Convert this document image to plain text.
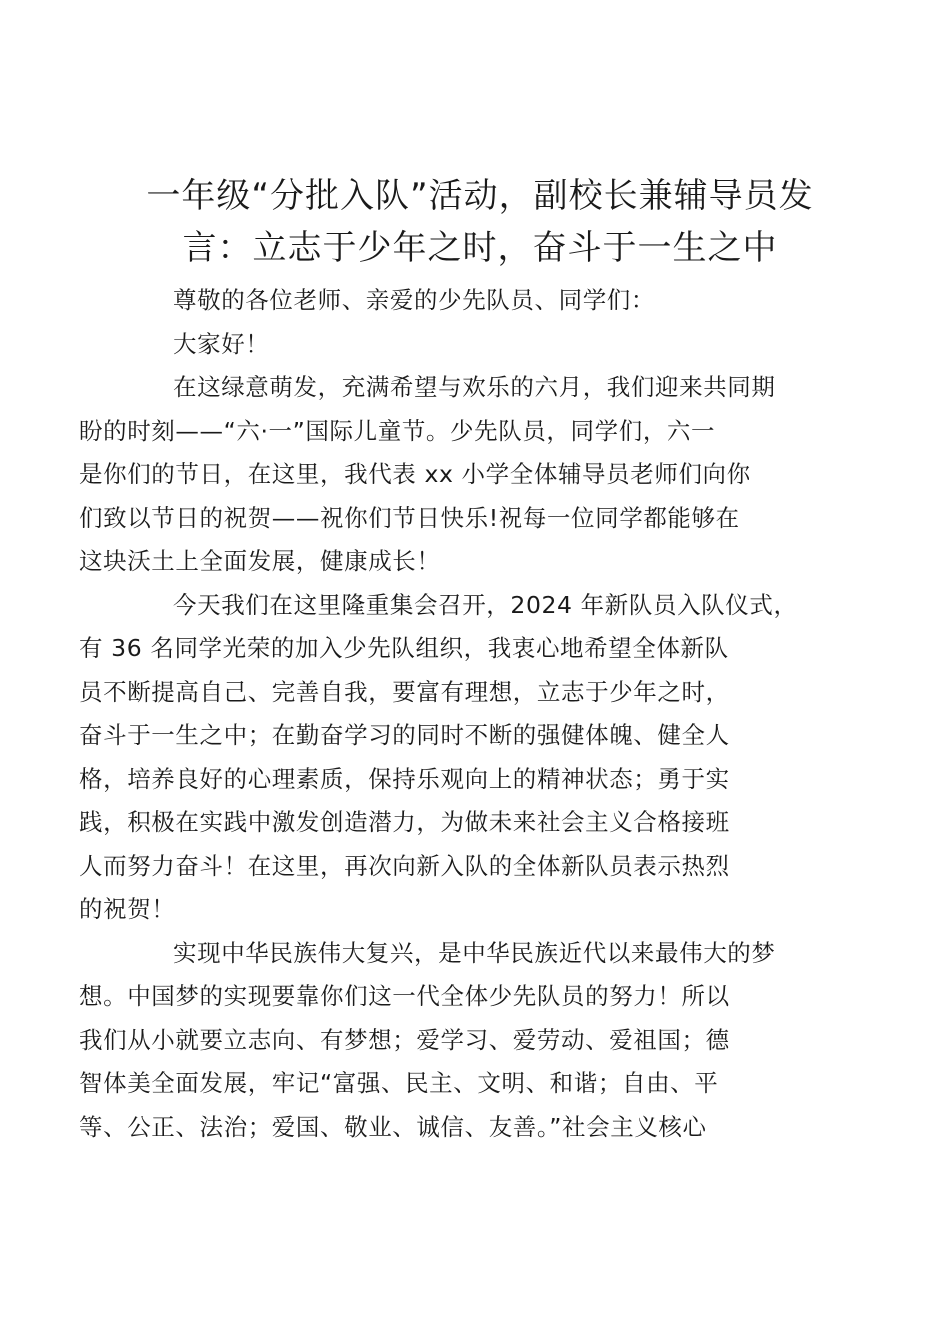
一年级“分批入队”活动，副校长兼辅导员发
言：立志于少年之时，奋斗于一生之中

尊敬的各位老师、亲爱的少先队员、同学们：

大家好！

在这绿意萌发，充满希望与欢乐的六月，我们迎来共同期
盼的时刻——“六·一”国际儿童节。少先队员，同学们，六一
是你们的节日，在这里，我代表 xx 小学全体辅导员老师们向你
们致以节日的祝贺——祝你们节日快乐!祝每一位同学都能够在
这块沃土上全面发展，健康成长！

今天我们在这里隆重集会召开，2024 年新队员入队仪式，
有 36 名同学光荣的加入少先队组织，我衷心地希望全体新队
员不断提高自己、完善自我，要富有理想，立志于少年之时，
奋斗于一生之中；在勤奋学习的同时不断的强健体魄、健全人
格，培养良好的心理素质，保持乐观向上的精神状态；勇于实
践，积极在实践中激发创造潜力，为做未来社会主义合格接班
人而努力奋斗！在这里，再次向新入队的全体新队员表示热烈
的祝贺！

实现中华民族伟大复兴，是中华民族近代以来最伟大的梦
想。中国梦的实现要靠你们这一代全体少先队员的努力！所以
我们从小就要立志向、有梦想；爱学习、爱劳动、爱祖国；德
智体美全面发展，牢记“富强、民主、文明、和谐；自由、平
等、公正、法治；爱国、敬业、诚信、友善。”社会主义核心
